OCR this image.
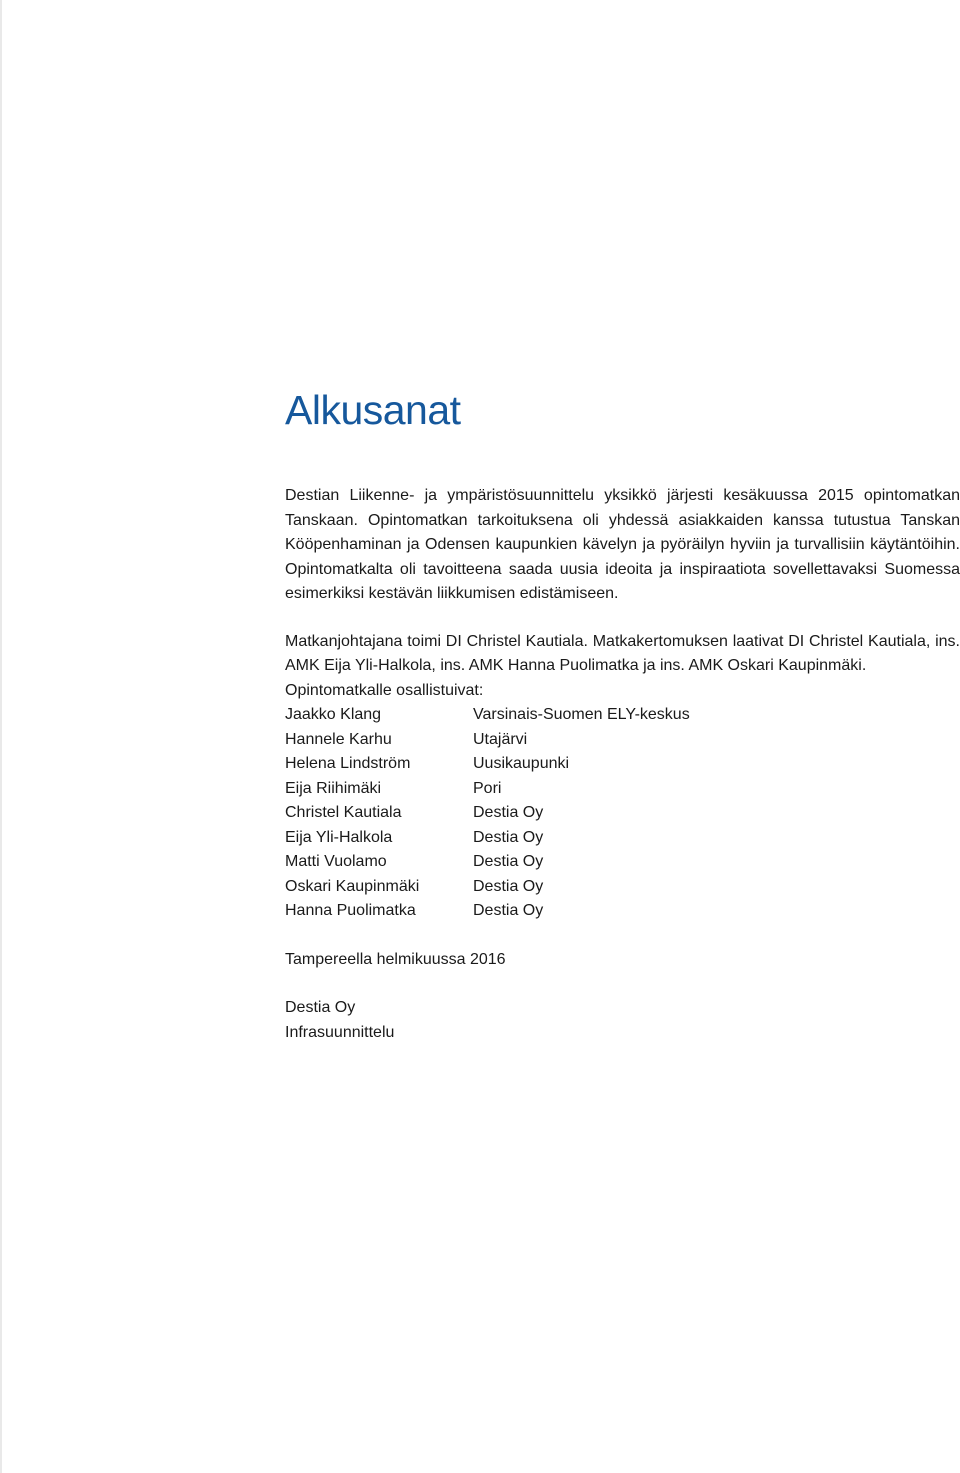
Alkusanat

Destian Liikenne- ja ympäristösuunnittelu yksikkö järjesti kesäkuussa 2015 opintomatkan Tanskaan. Opintomatkan tarkoituksena oli yhdessä asiakkaiden kanssa tutustua Tanskan Kööpenhaminan ja Odensen kaupunkien kävelyn ja pyöräilyn hyviin ja turvallisiin käytäntöihin. Opintomatkalta oli tavoitteena saada uusia ideoita ja inspiraatiota sovellettavaksi Suomessa esimerkiksi kestävän liikkumisen edistämiseen.

Matkanjohtajana toimi DI Christel Kautiala. Matkakertomuksen laativat DI Christel Kautiala, ins. AMK Eija Yli-Halkola, ins. AMK Hanna Puolimatka ja ins. AMK Oskari Kaupinmäki.

Opintomatkalle osallistuivat:

Jaakko Klang	Varsinais-Suomen ELY-keskus
Hannele Karhu	Utajärvi
Helena Lindström	Uusikaupunki
Eija Riihimäki	Pori
Christel Kautiala	Destia Oy
Eija Yli-Halkola	Destia Oy
Matti Vuolamo	Destia Oy
Oskari Kaupinmäki	Destia Oy
Hanna Puolimatka	Destia Oy

Tampereella helmikuussa 2016

Destia Oy

Infrasuunnittelu
